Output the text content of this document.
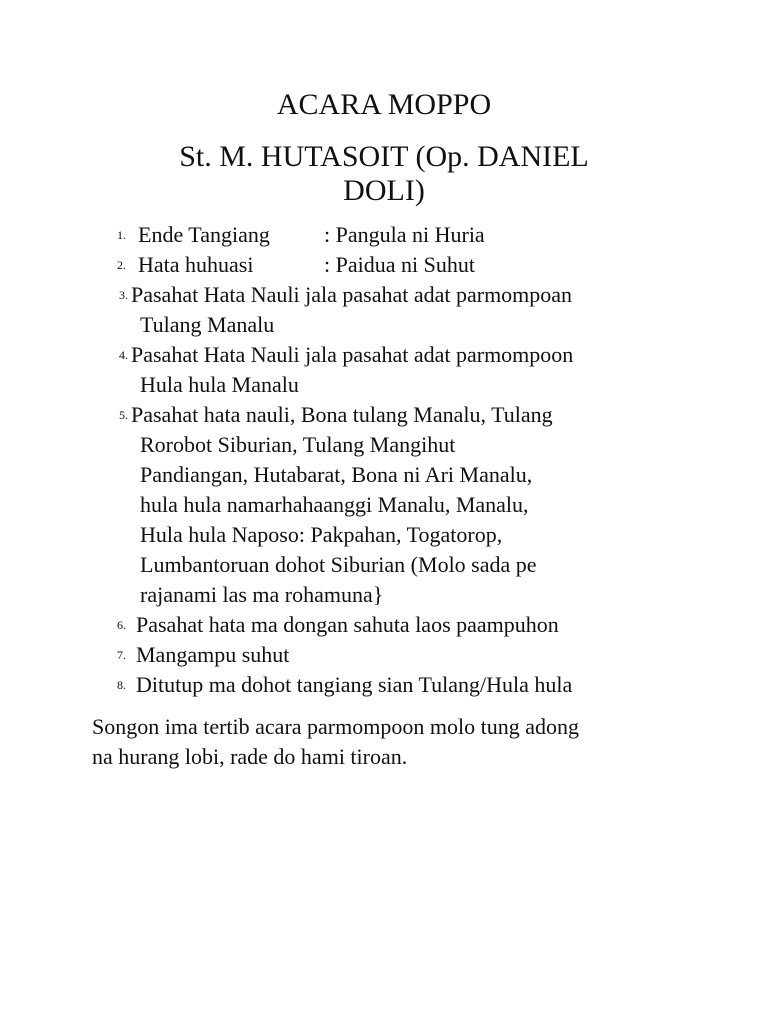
ACARA MOPPO
St. M. HUTASOIT (Op. DANIEL
DOLI)
1. Ende Tangiang : Pangula ni Huria
2. Hata huhuasi	: Paidua ni Suhut
3. Pasahat Hata Nauli jala pasahat adat parmompoan
Tulang Manalu
4. Pasahat Hata Nauli jala pasahat adat parmompoon
Hula hula Manalu
5. Pasahat hata nauli, Bona tulang Manalu, Tulang
Rorobot Siburian, Tulang Mangihut
Pandiangan, Hutabarat, Bona ni Ari Manalu,
hula hula namarhahaanggi Manalu, Manalu,
Hula hula Naposo: Pakpahan, Togatorop,
Lumbantoruan dohot Siburian (Molo sada pe
rajanami las ma rohamuna}
6. Pasahat hata ma dongan sahuta laos paampuhon
7. Mangampu suhut
8. Ditutup ma dohot tangiang sian Tulang/Hula hula

Songon ima tertib acara parmompoon molo tung adong
na hurang lobi, rade do hami tiroan.
